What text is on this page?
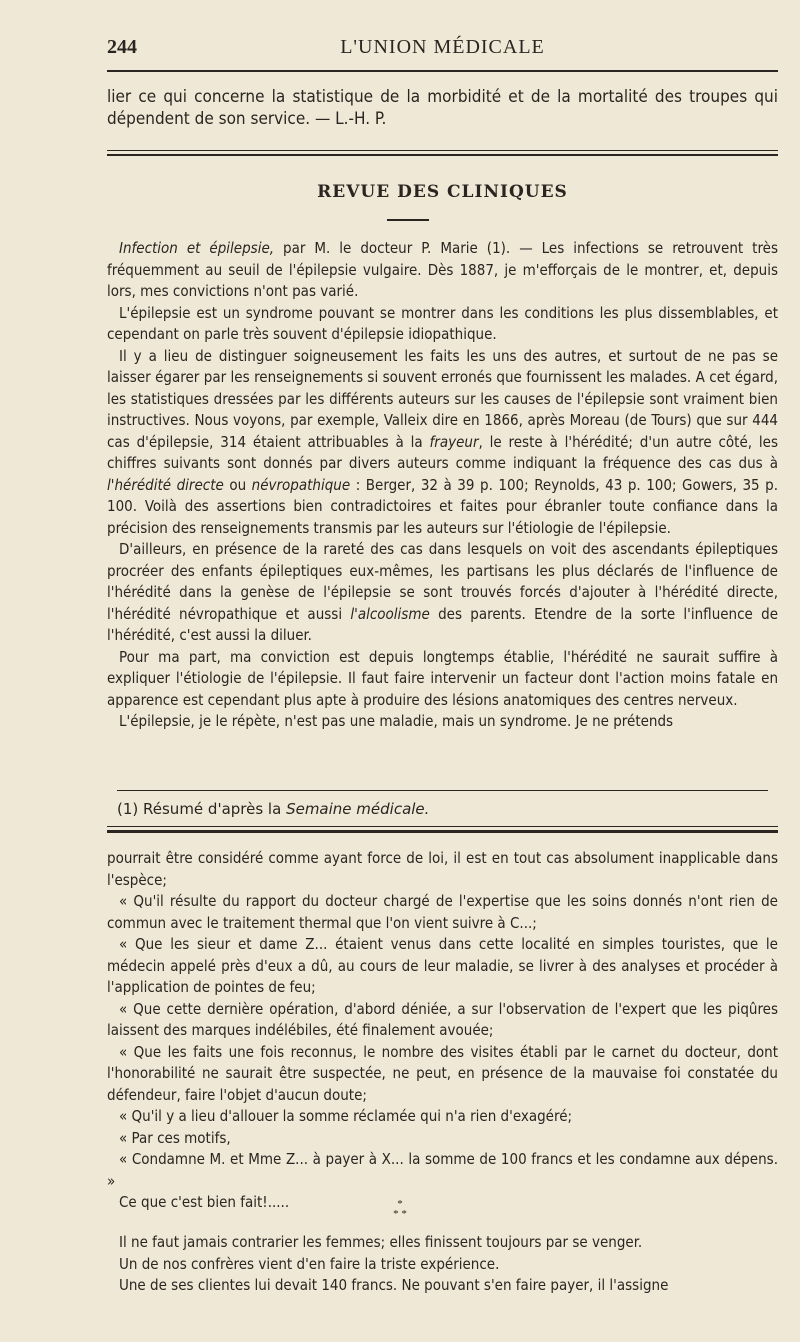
244	L'UNION MÉDICALE

lier ce qui concerne la statistique de la morbidité et de la mortalité des troupes qui dépendent de son service. — L.-H. P.

REVUE DES CLINIQUES

Infection et épilepsie, par M. le docteur P. Marie (1). — Les infections se retrouvent très fréquemment au seuil de l'épilepsie vulgaire. Dès 1887, je m'efforçais de le montrer, et, depuis lors, mes convictions n'ont pas varié.

L'épilepsie est un syndrome pouvant se montrer dans les conditions les plus dissemblables, et cependant on parle très souvent d'épilepsie idiopathique.

Il y a lieu de distinguer soigneusement les faits les uns des autres, et surtout de ne pas se laisser égarer par les renseignements si souvent erronés que fournissent les malades. A cet égard, les statistiques dressées par les différents auteurs sur les causes de l'épilepsie sont vraiment bien instructives. Nous voyons, par exemple, Valleix dire en 1866, après Moreau (de Tours) que sur 444 cas d'épilepsie, 314 étaient attribuables à la frayeur, le reste à l'hérédité; d'un autre côté, les chiffres suivants sont donnés par divers auteurs comme indiquant la fréquence des cas dus à l'hérédité directe ou névropathique : Berger, 32 à 39 p. 100; Reynolds, 43 p. 100; Gowers, 35 p. 100. Voilà des assertions bien contradictoires et faites pour ébranler toute confiance dans la précision des renseignements transmis par les auteurs sur l'étiologie de l'épilepsie.

D'ailleurs, en présence de la rareté des cas dans lesquels on voit des ascendants épileptiques procréer des enfants épileptiques eux-mêmes, les partisans les plus déclarés de l'influence de l'hérédité dans la genèse de l'épilepsie se sont trouvés forcés d'ajouter à l'hérédité directe, l'hérédité névropathique et aussi l'alcoolisme des parents. Etendre de la sorte l'influence de l'hérédité, c'est aussi la diluer.

Pour ma part, ma conviction est depuis longtemps établie, l'hérédité ne saurait suffire à expliquer l'étiologie de l'épilepsie. Il faut faire intervenir un facteur dont l'action moins fatale en apparence est cependant plus apte à produire des lésions anatomiques des centres nerveux.

L'épilepsie, je le répète, n'est pas une maladie, mais un syndrome. Je ne prétends

(1) Résumé d'après la Semaine médicale.

pourrait être considéré comme ayant force de loi, il est en tout cas absolument inapplicable dans l'espèce;

« Qu'il résulte du rapport du docteur chargé de l'expertise que les soins donnés n'ont rien de commun avec le traitement thermal que l'on vient suivre à C...;

« Que les sieur et dame Z... étaient venus dans cette localité en simples touristes, que le médecin appelé près d'eux a dû, au cours de leur maladie, se livrer à des analyses et procéder à l'application de pointes de feu;

« Que cette dernière opération, d'abord déniée, a sur l'observation de l'expert que les piqûres laissent des marques indélébiles, été finalement avouée;

« Que les faits une fois reconnus, le nombre des visites établi par le carnet du docteur, dont l'honorabilité ne saurait être suspectée, ne peut, en présence de la mauvaise foi constatée du défendeur, faire l'objet d'aucun doute;

« Qu'il y a lieu d'allouer la somme réclamée qui n'a rien d'exagéré;

« Par ces motifs,

« Condamne M. et Mme Z... à payer à X... la somme de 100 francs et les condamne aux dépens. »

Ce que c'est bien fait!.....	*
* *

Il ne faut jamais contrarier les femmes; elles finissent toujours par se venger.

Un de nos confrères vient d'en faire la triste expérience.

Une de ses clientes lui devait 140 francs. Ne pouvant s'en faire payer, il l'assigne
